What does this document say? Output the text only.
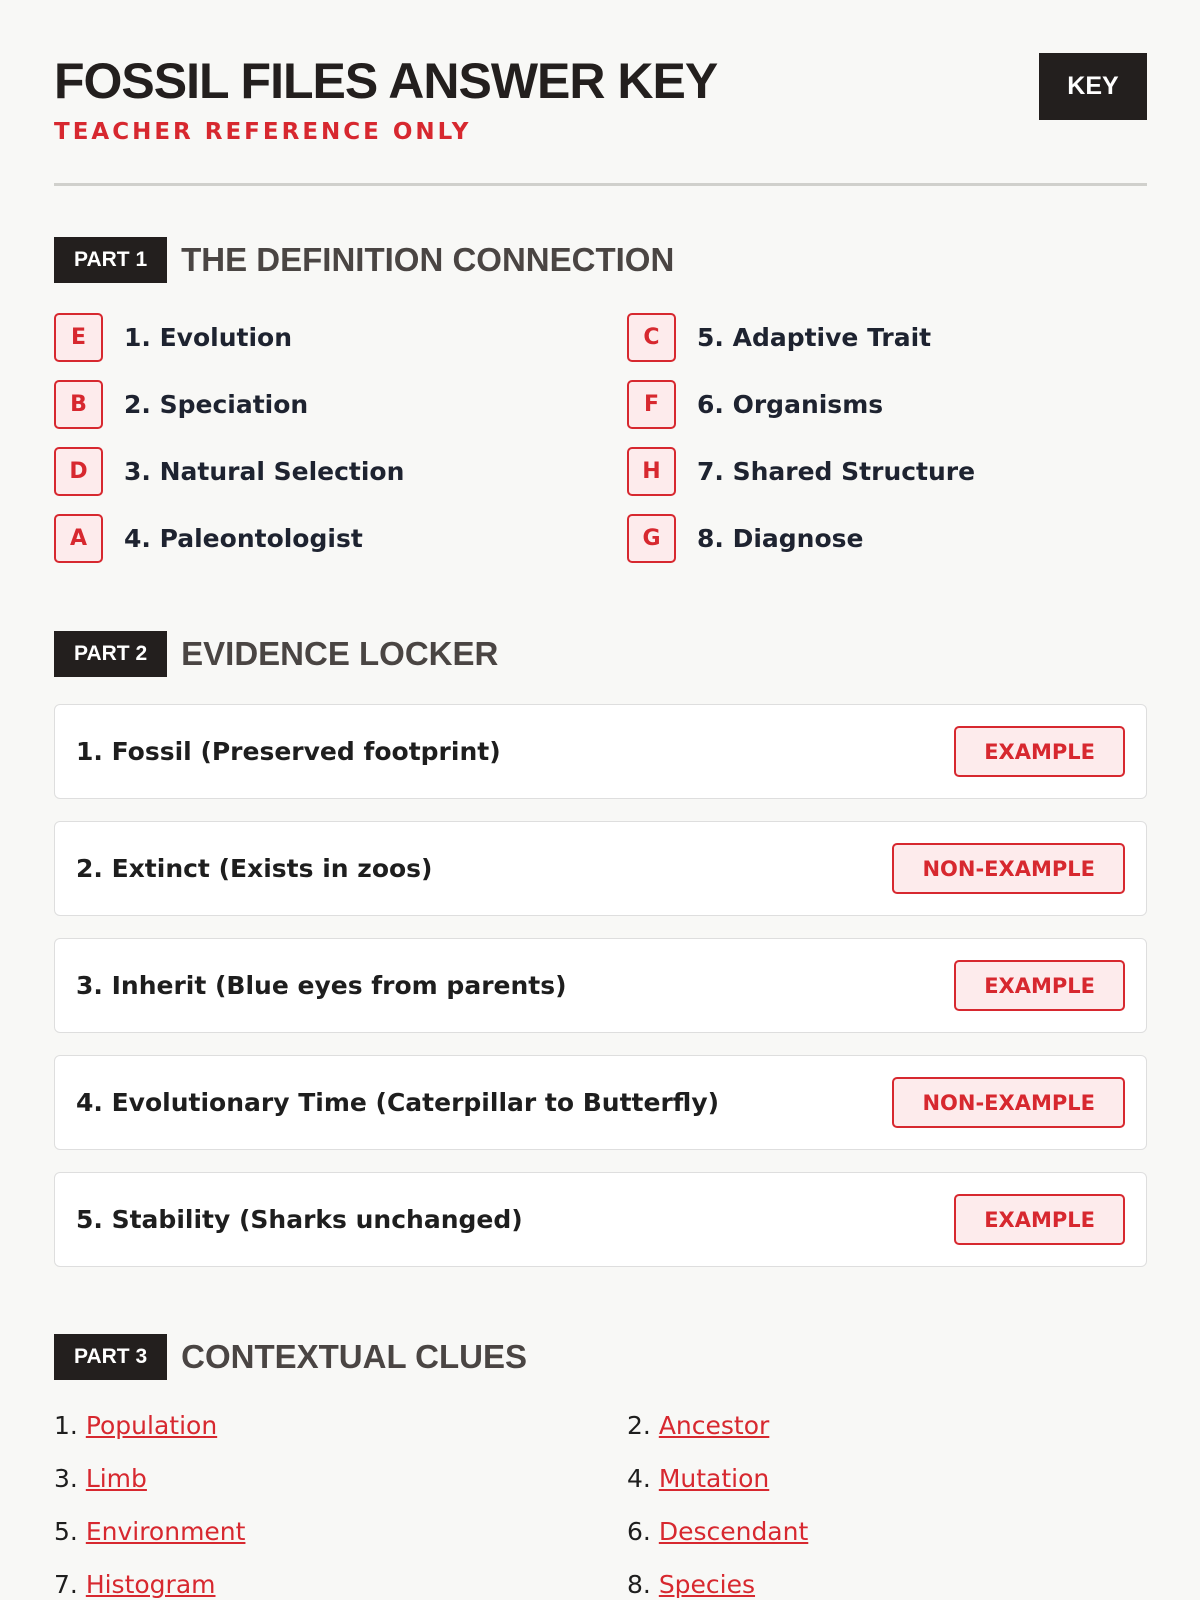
FOSSIL FILES ANSWER KEY
TEACHER REFERENCE ONLY
KEY
PART 1	THE DEFINITION CONNECTION
E	1. Evolution
B	2. Speciation
D	3. Natural Selection
A	4. Paleontologist
C	5. Adaptive Trait
F	6. Organisms
H	7. Shared Structure
G	8. Diagnose
PART 2	EVIDENCE LOCKER
1. Fossil (Preserved footprint)	EXAMPLE
2. Extinct (Exists in zoos)	NON-EXAMPLE
3. Inherit (Blue eyes from parents)	EXAMPLE
4. Evolutionary Time (Caterpillar to Butterfly)	NON-EXAMPLE
5. Stability (Sharks unchanged)	EXAMPLE
PART 3	CONTEXTUAL CLUES
1. Population	2. Ancestor
3. Limb	4. Mutation
5. Environment	6. Descendant
7. Histogram	8. Species
